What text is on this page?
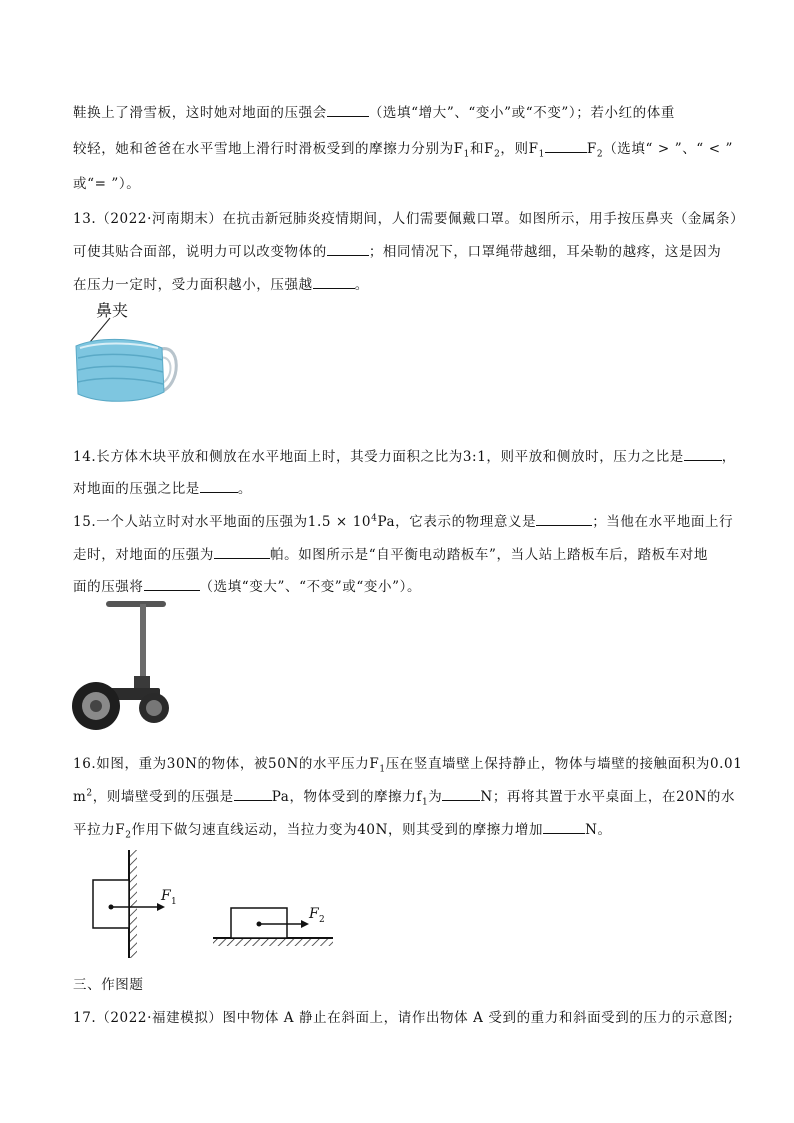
鞋换上了滑雪板，这时她对地面的压强会	（选填“增大”、“变小”或“不变”）；若小红的体重
较轻，她和爸爸在水平雪地上滑行时滑板受到的摩擦力分别为$F_1$和$F_2$，则$F_1$	$F_2$（选填“ > ”、“ < ”
或“= ”）。
13.（2022·河南期末）在抗击新冠肺炎疫情期间，人们需要佩戴口罩。如图所示，用手按压鼻夹（金属条）
可使其贴合面部，说明力可以改变物体的	；相同情况下，口罩绳带越细，耳朵勒的越疼，这是因为
在压力一定时，受力面积越小，压强越	。
鼻夹
14.长方体木块平放和侧放在水平地面上时，其受力面积之比为3:1，则平放和侧放时，压力之比是	，
对地面的压强之比是	。
15.一个人站立时对水平地面的压强为$1.5 \times 10^4Pa$，它表示的物理意义是	；当他在水平地面上行
走时，对地面的压强为	帕。如图所示是“自平衡电动踏板车”，当人站上踏板车后，踏板车对地
面的压强将	（选填“变大”、“不变”或“变小”）。
16.如图，重为30N的物体，被50N的水平压力$F_1$压在竖直墙壁上保持静止，物体与墙壁的接触面积为0.01
$m^2$，则墙壁受到的压强是	Pa，物体受到的摩擦力$f_1$为	N；再将其置于水平桌面上，在20N的水
平拉力$F_2$作用下做匀速直线运动，当拉力变为40N，则其受到的摩擦力增加	N。
F 1
F 2
三、作图题
17.（2022·福建模拟）图中物体 A 静止在斜面上，请作出物体 A 受到的重力和斜面受到的压力的示意图;
